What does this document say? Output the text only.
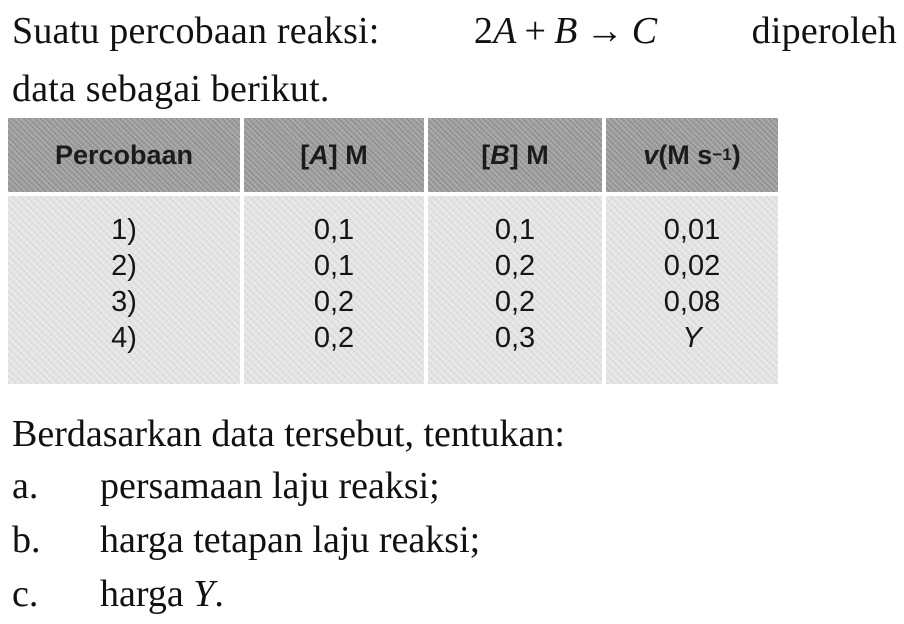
Suatu percobaan reaksi: 2A + B → C diperoleh
data sebagai berikut.
Percobaan	[ A ] M	[ B ] M	v (M s −1 )
1)	0,1	0,1	0,01
2)	0,1	0,2	0,02
3)	0,2	0,2	0,08
4)	0,2	0,3	Y
Berdasarkan data tersebut, tentukan:
a. persamaan laju reaksi;
b. harga tetapan laju reaksi;
c. harga Y.
